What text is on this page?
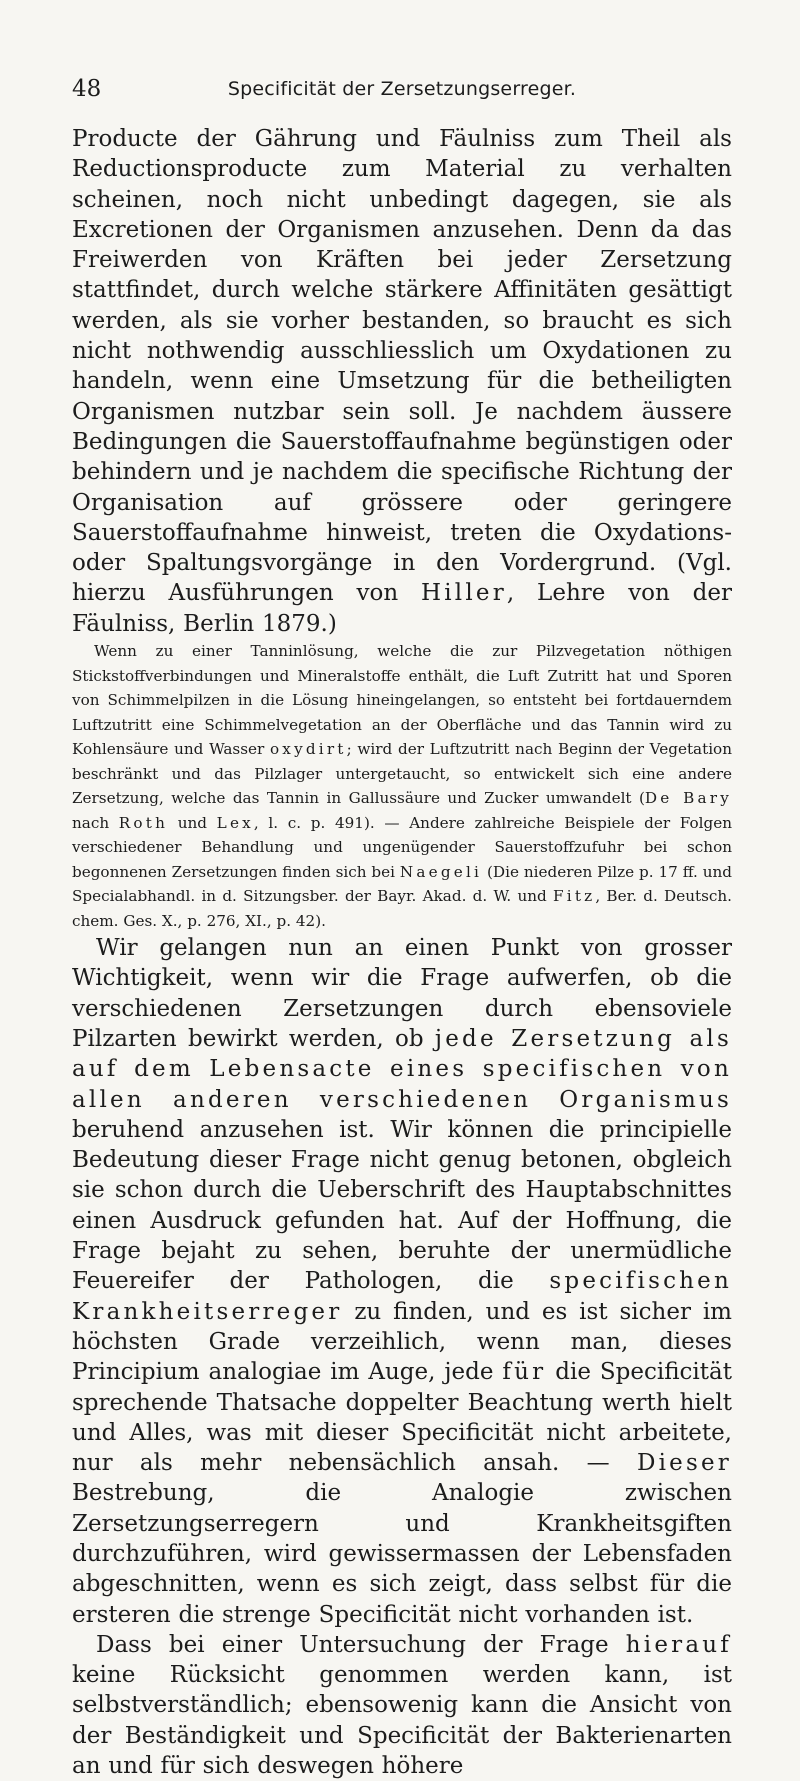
48	Specificität der Zersetzungserreger.

Producte der Gährung und Fäulniss zum Theil als Reductionsproducte zum Material zu verhalten scheinen, noch nicht unbedingt dagegen, sie als Excretionen der Organismen anzusehen. Denn da das Freiwerden von Kräften bei jeder Zersetzung stattfindet, durch welche stärkere Affinitäten gesättigt werden, als sie vorher bestanden, so braucht es sich nicht nothwendig ausschliesslich um Oxydationen zu handeln, wenn eine Umsetzung für die betheiligten Organismen nutzbar sein soll. Je nachdem äussere Bedingungen die Sauerstoffaufnahme begünstigen oder behindern und je nachdem die specifische Richtung der Organisation auf grössere oder geringere Sauerstoffaufnahme hinweist, treten die Oxydations- oder Spaltungsvorgänge in den Vordergrund. (Vgl. hierzu Ausführungen von Hiller, Lehre von der Fäulniss, Berlin 1879.)

Wenn zu einer Tanninlösung, welche die zur Pilzvegetation nöthigen Stickstoffverbindungen und Mineralstoffe enthält, die Luft Zutritt hat und Sporen von Schimmelpilzen in die Lösung hineingelangen, so entsteht bei fortdauerndem Luftzutritt eine Schimmelvegetation an der Oberfläche und das Tannin wird zu Kohlensäure und Wasser oxydirt; wird der Luftzutritt nach Beginn der Vegetation beschränkt und das Pilzlager untergetaucht, so entwickelt sich eine andere Zersetzung, welche das Tannin in Gallussäure und Zucker umwandelt (De Bary nach Roth und Lex, l. c. p. 491). — Andere zahlreiche Beispiele der Folgen verschiedener Behandlung und ungenügender Sauerstoffzufuhr bei schon begonnenen Zersetzungen finden sich bei Naegeli (Die niederen Pilze p. 17 ff. und Specialabhandl. in d. Sitzungsber. der Bayr. Akad. d. W. und Fitz, Ber. d. Deutsch. chem. Ges. X., p. 276, XI., p. 42).

Wir gelangen nun an einen Punkt von grosser Wichtigkeit, wenn wir die Frage aufwerfen, ob die verschiedenen Zersetzungen durch ebensoviele Pilzarten bewirkt werden, ob jede Zersetzung als auf dem Lebensacte eines specifischen von allen anderen verschiedenen Organismus beruhend anzusehen ist. Wir können die principielle Bedeutung dieser Frage nicht genug betonen, obgleich sie schon durch die Ueberschrift des Hauptabschnittes einen Ausdruck gefunden hat. Auf der Hoffnung, die Frage bejaht zu sehen, beruhte der unermüdliche Feuereifer der Pathologen, die specifischen Krankheitserreger zu finden, und es ist sicher im höchsten Grade verzeihlich, wenn man, dieses Principium analogiae im Auge, jede für die Specificität sprechende Thatsache doppelter Beachtung werth hielt und Alles, was mit dieser Specificität nicht arbeitete, nur als mehr nebensächlich ansah. — Dieser Bestrebung, die Analogie zwischen Zersetzungserregern und Krankheitsgiften durchzuführen, wird gewissermassen der Lebensfaden abgeschnitten, wenn es sich zeigt, dass selbst für die ersteren die strenge Specificität nicht vorhanden ist.

Dass bei einer Untersuchung der Frage hierauf keine Rücksicht genommen werden kann, ist selbstverständlich; ebensowenig kann die Ansicht von der Beständigkeit und Specificität der Bakterienarten an und für sich deswegen höhere
